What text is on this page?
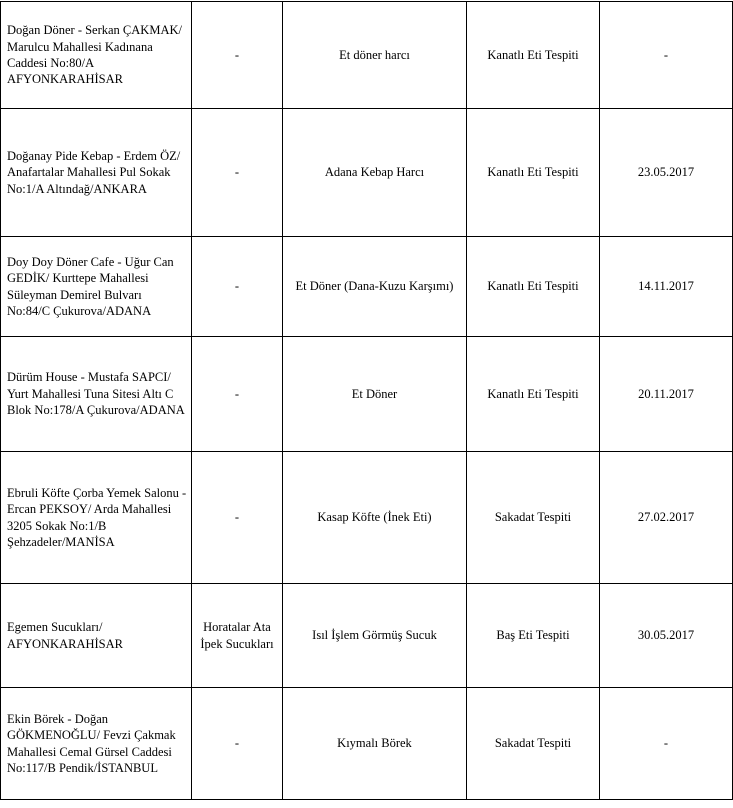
Doğan Döner - Serkan ÇAKMAK/ Marulcu Mahallesi Kadınana Caddesi No:80/A AFYONKARAHİSAR	-	Et döner harcı	Kanatlı Eti Tespiti	-
Doğanay Pide Kebap - Erdem ÖZ/ Anafartalar Mahallesi Pul Sokak No:1/A Altındağ/ANKARA	-	Adana Kebap Harcı	Kanatlı Eti Tespiti	23.05.2017
Doy Doy Döner Cafe - Uğur Can GEDİK/ Kurttepe Mahallesi Süleyman Demirel Bulvarı No:84/C Çukurova/ADANA	-	Et Döner (Dana-Kuzu Karşımı)	Kanatlı Eti Tespiti	14.11.2017
Dürüm House - Mustafa SAPCI/ Yurt Mahallesi Tuna Sitesi Altı C Blok No:178/A Çukurova/ADANA	-	Et Döner	Kanatlı Eti Tespiti	20.11.2017
Ebruli Köfte Çorba Yemek Salonu - Ercan PEKSOY/ Arda Mahallesi 3205 Sokak No:1/B Şehzadeler/MANİSA	-	Kasap Köfte (İnek Eti)	Sakadat Tespiti	27.02.2017
Egemen Sucukları/ AFYONKARAHİSAR	Horatalar Ata İpek Sucukları	Isıl İşlem Görmüş Sucuk	Baş Eti Tespiti	30.05.2017
Ekin Börek - Doğan GÖKMENOĞLU/ Fevzi Çakmak Mahallesi Cemal Gürsel Caddesi No:117/B Pendik/İSTANBUL	-	Kıymalı Börek	Sakadat Tespiti	-
